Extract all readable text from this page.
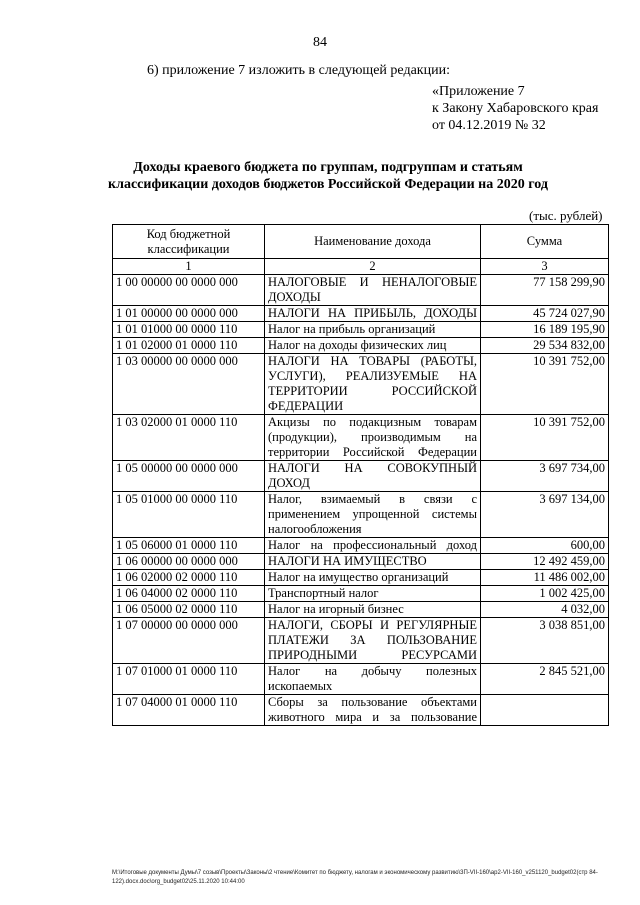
84
6) приложение 7 изложить в следующей редакции:
«Приложение 7
к Закону Хабаровского края
от 04.12.2019 № 32
Доходы краевого бюджета по группам, подгруппам и статьям классификации доходов бюджетов Российской Федерации на 2020 год
(тыс. рублей)
Код бюджетной классификации	Наименование дохода	Сумма
1	2	3
1 00 00000 00 0000 000	НАЛОГОВЫЕ И НЕНАЛОГОВЫЕ ДОХОДЫ	77 158 299,90
1 01 00000 00 0000 000	НАЛОГИ НА ПРИБЫЛЬ, ДОХОДЫ	45 724 027,90
1 01 01000 00 0000 110	Налог на прибыль организаций	16 189 195,90
1 01 02000 01 0000 110	Налог на доходы физических лиц	29 534 832,00
1 03 00000 00 0000 000	НАЛОГИ НА ТОВАРЫ (РАБОТЫ, УСЛУГИ), РЕАЛИЗУЕМЫЕ НА ТЕРРИТОРИИ РОССИЙСКОЙ ФЕДЕРАЦИИ	10 391 752,00
1 03 02000 01 0000 110	Акцизы по подакцизным товарам (продукции), производимым на территории Российской Федерации	10 391 752,00
1 05 00000 00 0000 000	НАЛОГИ НА СОВОКУПНЫЙ ДОХОД	3 697 734,00
1 05 01000 00 0000 110	Налог, взимаемый в связи с применением упрощенной системы налогообложения	3 697 134,00
1 05 06000 01 0000 110	Налог на профессиональный доход	600,00
1 06 00000 00 0000 000	НАЛОГИ НА ИМУЩЕСТВО	12 492 459,00
1 06 02000 02 0000 110	Налог на имущество организаций	11 486 002,00
1 06 04000 02 0000 110	Транспортный налог	1 002 425,00
1 06 05000 02 0000 110	Налог на игорный бизнес	4 032,00
1 07 00000 00 0000 000	НАЛОГИ, СБОРЫ И РЕГУЛЯРНЫЕ ПЛАТЕЖИ ЗА ПОЛЬЗОВАНИЕ ПРИРОДНЫМИ РЕСУРСАМИ	3 038 851,00
1 07 01000 01 0000 110	Налог на добычу полезных ископаемых	2 845 521,00
1 07 04000 01 0000 110	Сборы за пользование объектами животного мира и за пользование	
M:\Итоговые документы Думы\7 созыв\Проекты\Законы\2 чтение\Комитет по бюджету, налогам и экономическому развитию\3П-VII-160\ap2-VII-160_v251120_budget02(стр 84-122).docx.doc\org_budget02\25.11.2020 10:44:00
